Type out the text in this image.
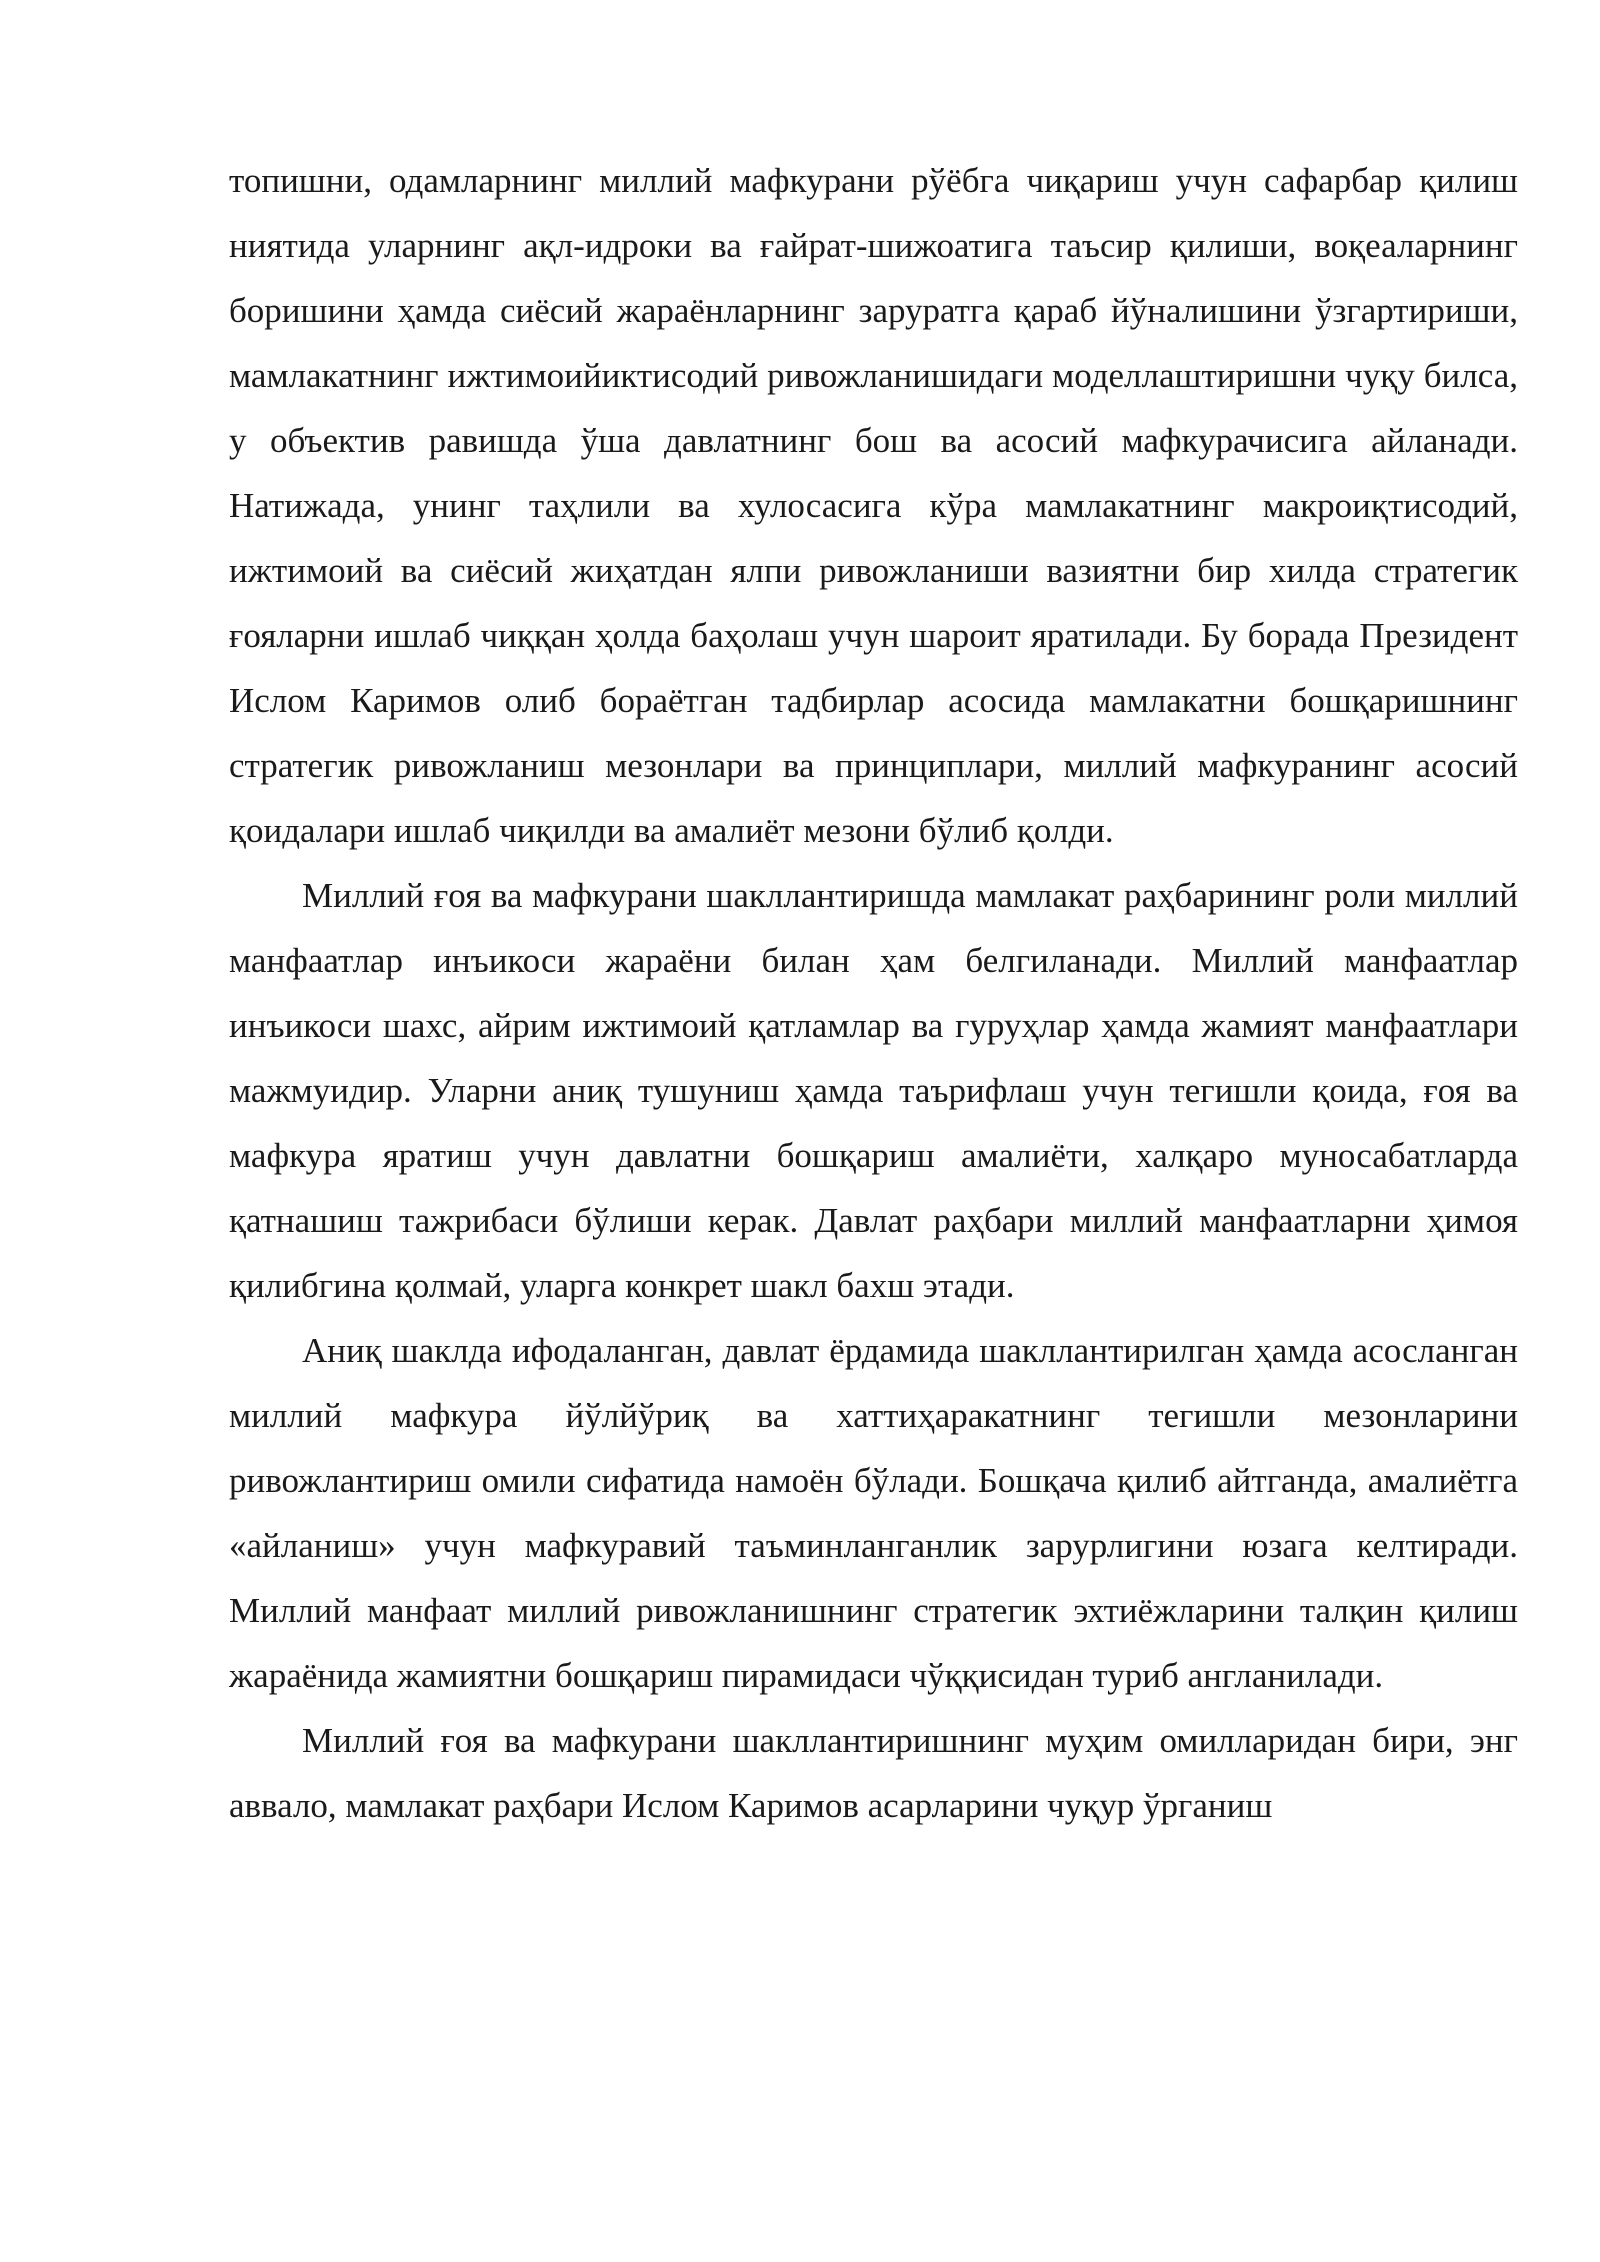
топишни, одамларнинг миллий мафкурани рўёбга чиқариш учун сафарбар қилиш ниятида уларнинг ақл-идроки ва ғайрат-шижоатига таъсир қилиши, воқеаларнинг боришини ҳамда сиёсий жараёнларнинг заруратга қараб йўналишини ўзгартириши, мамлакатнинг ижтимоийиктисодий ривожланишидаги моделлаштиришни чуқу билса, у объектив равишда ўша давлатнинг бош ва асосий мафкурачисига айланади. Натижада, унинг таҳлили ва хулосасига кўра мамлакатнинг макроиқтисодий, ижтимоий ва сиёсий жиҳатдан ялпи ривожланиши вазиятни бир хилда стратегик ғояларни ишлаб чиққан ҳолда баҳолаш учун шароит яратилади. Бу борада Президент Ислом Каримов олиб бораётган тадбирлар асосида мамлакатни бошқаришнинг стратегик ривожланиш мезонлари ва принциплари, миллий мафкуранинг асосий қоидалари ишлаб чиқилди ва амалиёт мезони бўлиб қолди.

Миллий ғоя ва мафкурани шакллантиришда мамлакат раҳбарининг роли миллий манфаатлар инъикоси жараёни билан ҳам белгиланади. Миллий манфаатлар инъикоси шахс, айрим ижтимоий қатламлар ва гуруҳлар ҳамда жамият манфаатлари мажмуидир. Уларни аниқ тушуниш ҳамда таърифлаш учун тегишли қоида, ғоя ва мафкура яратиш учун давлатни бошқариш амалиёти, халқаро муносабатларда қатнашиш тажрибаси бўлиши керак. Давлат раҳбари миллий манфаатларни ҳимоя қилибгина қолмай, уларга конкрет шакл бахш этади.

Аниқ шаклда ифодаланган, давлат ёрдамида шакллантирилган ҳамда асосланган миллий мафкура йўлйўриқ ва хаттиҳаракатнинг тегишли мезонларини ривожлантириш омили сифатида намоён бўлади. Бошқача қилиб айтганда, амалиётга «айланиш» учун мафкуравий таъминланганлик зарурлигини юзага келтиради. Миллий манфаат миллий ривожланишнинг стратегик эхтиёжларини талқин қилиш жараёнида жамиятни бошқариш пирамидаси чўққисидан туриб англанилади.

Миллий ғоя ва мафкурани шакллантиришнинг муҳим омилларидан бири, энг аввало, мамлакат раҳбари Ислом Каримов асарларини чуқур ўрганиш
